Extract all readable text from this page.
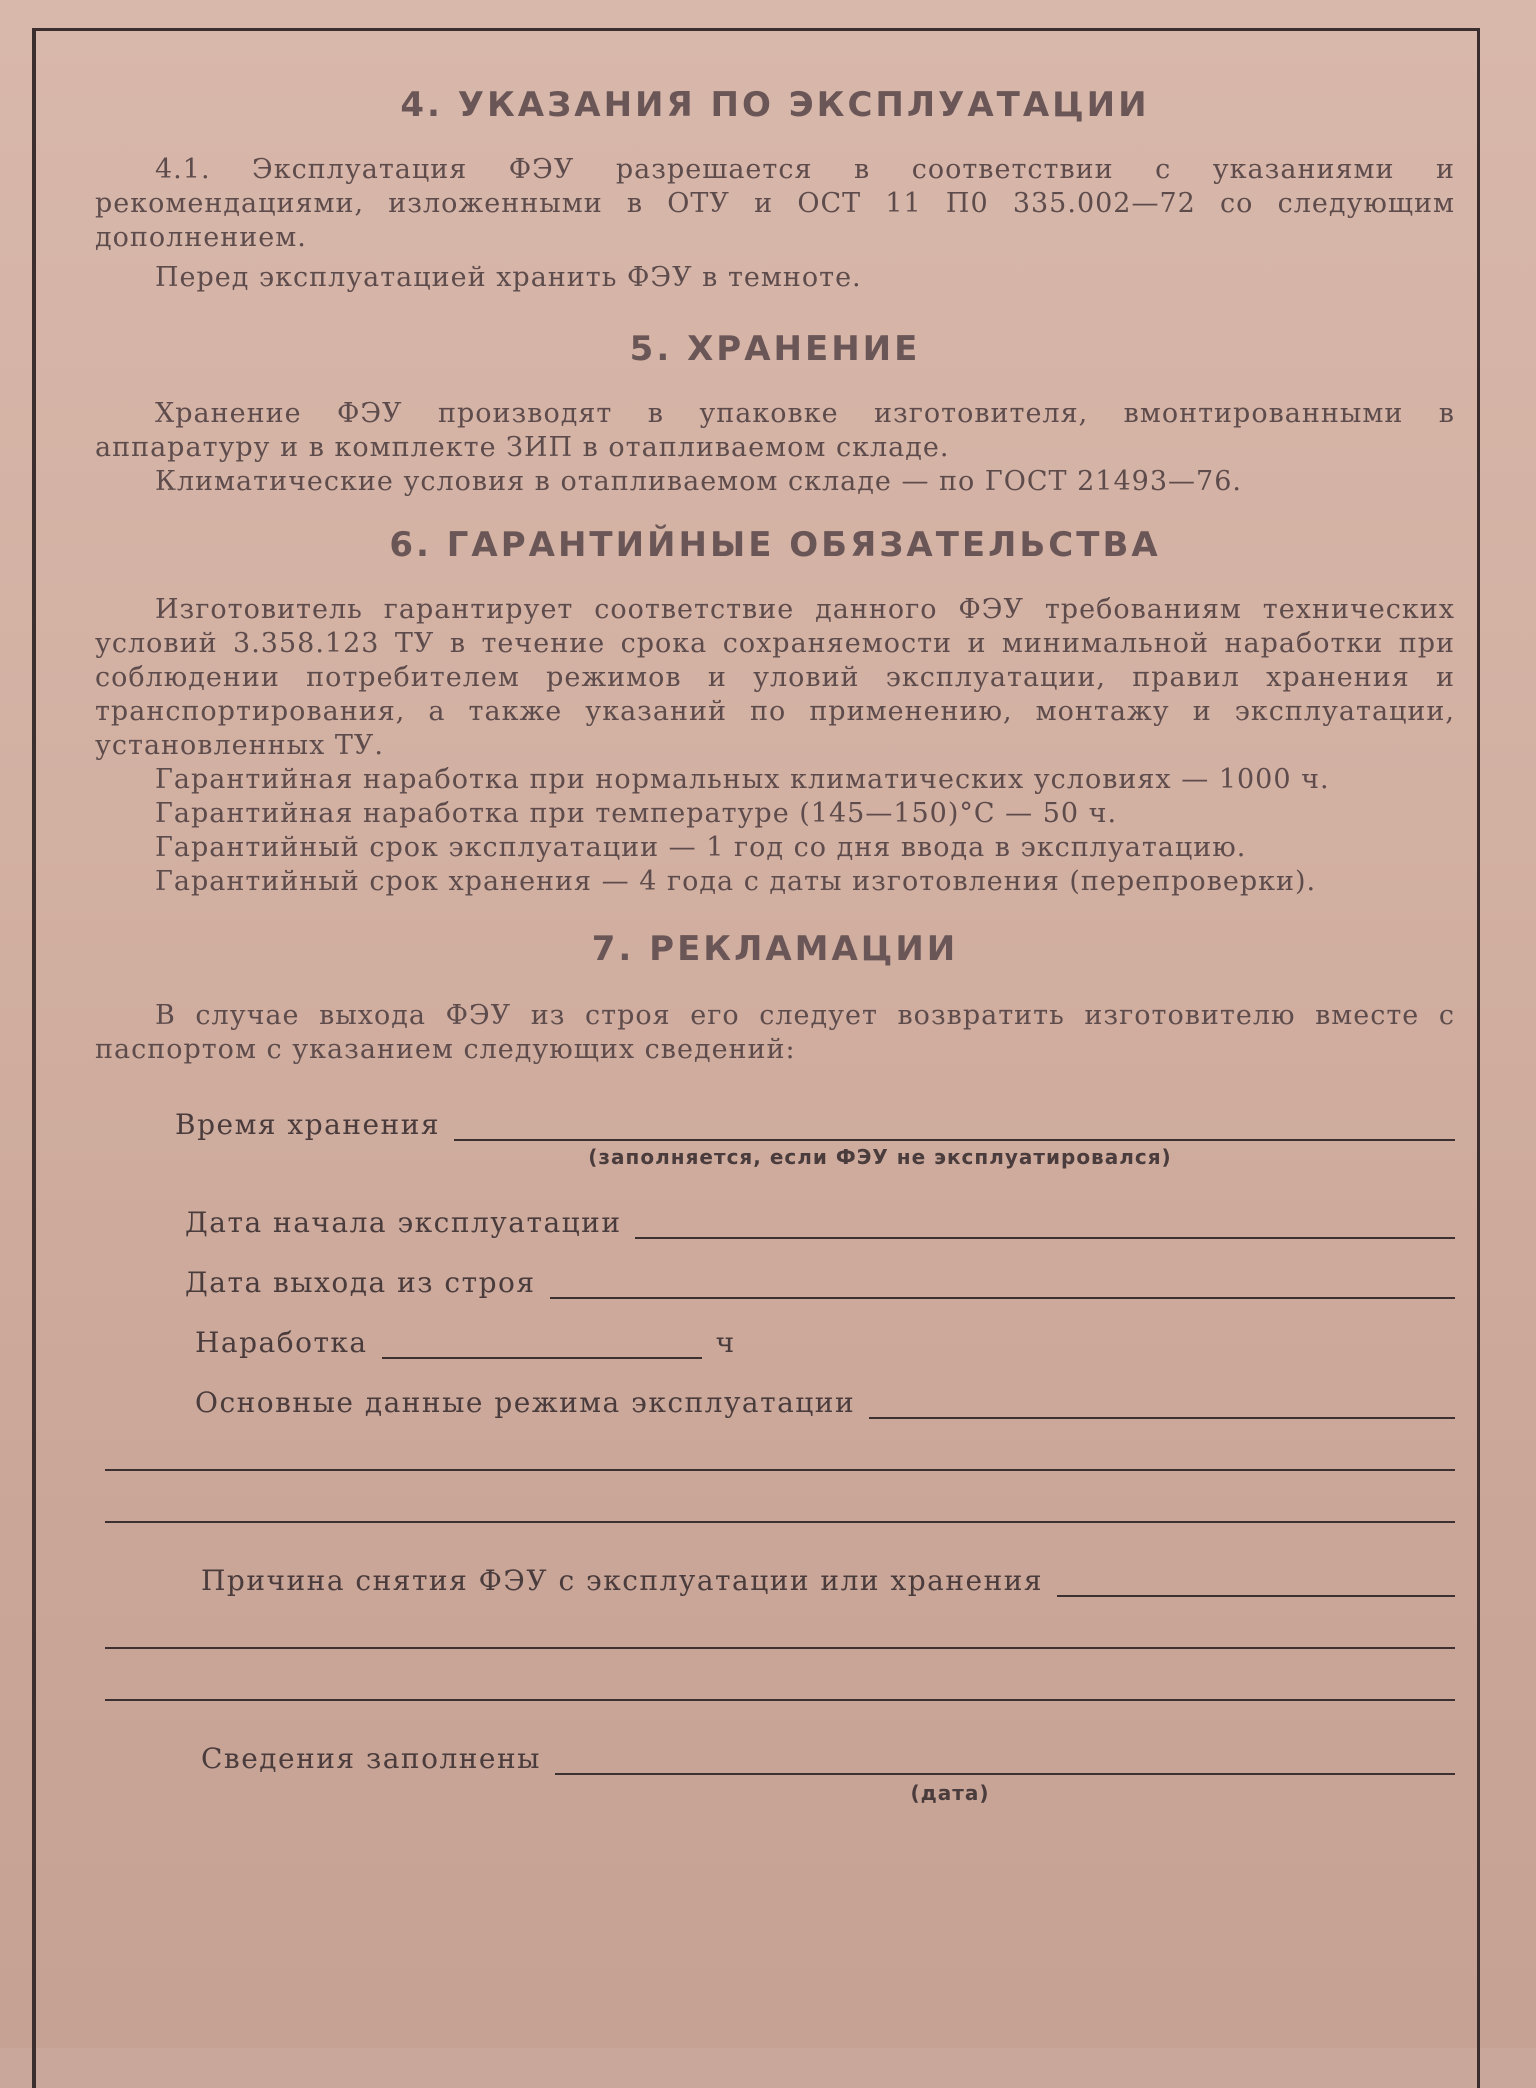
4. УКАЗАНИЯ ПО ЭКСПЛУАТАЦИИ

4.1. Эксплуатация ФЭУ разрешается в соответствии с указаниями и рекомендациями, изложенными в ОТУ и ОСТ 11 П0 335.002—72 со следующим дополнением.

Перед эксплуатацией хранить ФЭУ в темноте.

5. ХРАНЕНИЕ

Хранение ФЭУ производят в упаковке изготовителя, вмонтированными в аппаратуру и в комплекте ЗИП в отапливаемом складе.

Климатические условия в отапливаемом складе — по ГОСТ 21493—76.

6. ГАРАНТИЙНЫЕ ОБЯЗАТЕЛЬСТВА

Изготовитель гарантирует соответствие данного ФЭУ требованиям технических условий 3.358.123 ТУ в течение срока сохраняемости и минимальной наработки при соблюдении потребителем режимов и уловий эксплуатации, правил хранения и транспортирования, а также указаний по применению, монтажу и эксплуатации, установленных ТУ.

Гарантийная наработка при нормальных климатических условиях — 1000 ч.

Гарантийная наработка при температуре (145—150)°С — 50 ч.

Гарантийный срок эксплуатации — 1 год со дня ввода в эксплуатацию.

Гарантийный срок хранения — 4 года с даты изготовления (перепроверки).

7. РЕКЛАМАЦИИ

В случае выхода ФЭУ из строя его следует возвратить изготовителю вместе с паспортом с указанием следующих сведений:

Время хранения
(заполняется, если ФЭУ не эксплуатировался)
Дата начала эксплуатации
Дата выхода из строя
Наработка	ч
Основные данные режима эксплуатации
Причина снятия ФЭУ с эксплуатации или хранения
Сведения заполнены
(дата)
